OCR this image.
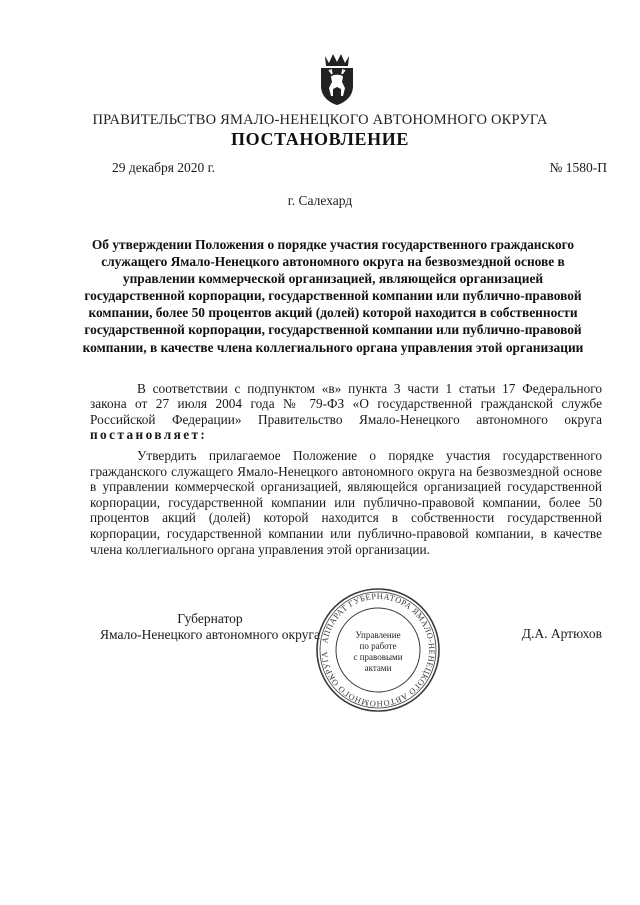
ПРАВИТЕЛЬСТВО ЯМАЛО-НЕНЕЦКОГО АВТОНОМНОГО ОКРУГА
ПОСТАНОВЛЕНИЕ
29 декабря 2020 г.	№ 1580-П
г. Салехард
Об утверждении Положения о порядке участия государственного гражданского служащего Ямало-Ненецкого автономного округа на безвозмездной основе в управлении коммерческой организацией, являющейся организацией государственной корпорации, государственной компании или публично-правовой компании, более 50 процентов акций (долей) которой находится в собственности государственной корпорации, государственной компании или публично-правовой компании, в качестве члена коллегиального органа управления этой организации

В соответствии с подпунктом «в» пункта 3 части 1 статьи 17 Федерального закона от 27 июля 2004 года № 79-ФЗ «О государственной гражданской службе Российской Федерации» Правительство Ямало-Ненецкого автономного округа постановляет:

Утвердить прилагаемое Положение о порядке участия государственного гражданского служащего Ямало-Ненецкого автономного округа на безвозмездной основе в управлении коммерческой организацией, являющейся организацией государственной корпорации, государственной компании или публично-правовой компании, более 50 процентов акций (долей) которой находится в собственности государственной корпорации, государственной компании или публично-правовой компании, в качестве члена коллегиального органа управления этой организации.

Губернатор
Ямало-Ненецкого автономного округа	Д.А. Артюхов
АППАРАТ ГУБЕРНАТОРА ЯМАЛО-НЕНЕЦКОГО АВТОНОМНОГО ОКРУГА
Управление
по работе
с правовыми
актами
